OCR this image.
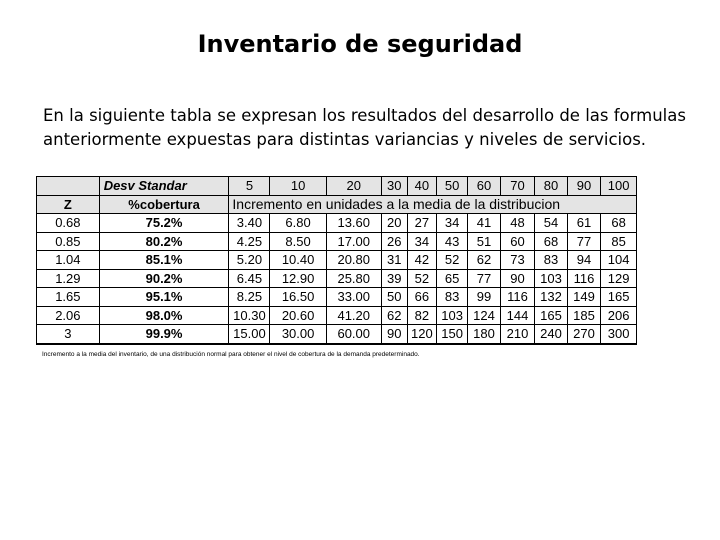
Inventario de seguridad
En la siguiente tabla se expresan los resultados del desarrollo de las formulas anteriormente expuestas para distintas variancias y niveles de servicios.
	Desv Standar	5	10	20	30	40	50	60	70	80	90	100
Z	%cobertura	Incremento en unidades a la media de la distribucion										
0.68	75.2%	3.40	6.80	13.60	20	27	34	41	48	54	61	68
0.85	80.2%	4.25	8.50	17.00	26	34	43	51	60	68	77	85
1.04	85.1%	5.20	10.40	20.80	31	42	52	62	73	83	94	104
1.29	90.2%	6.45	12.90	25.80	39	52	65	77	90	103	116	129
1.65	95.1%	8.25	16.50	33.00	50	66	83	99	116	132	149	165
2.06	98.0%	10.30	20.60	41.20	62	82	103	124	144	165	185	206
3	99.9%	15.00	30.00	60.00	90	120	150	180	210	240	270	300
Incremento a la media del inventario, de una distribución normal para obtener el nivel de cobertura de la demanda predeterminado.
